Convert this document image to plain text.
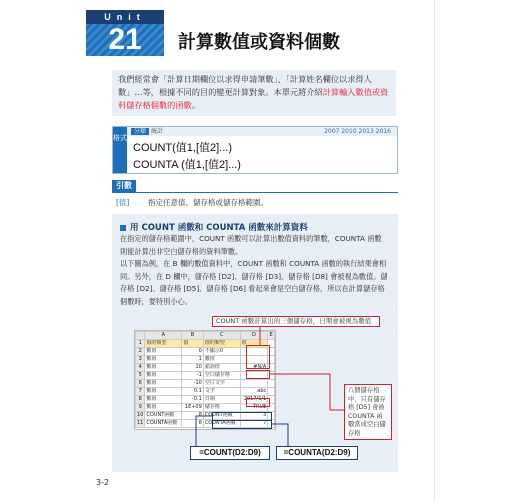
Unit
21	計算數值或資料個數
我們經常會「計算日期欄位以求得申請筆數」、「計算姓名欄位以求得人數」…等，根據不同的目的變更計算對象。本單元將介紹計算輸入數值或資料儲存格個數的函數。
格式
分類 統計	2007 2010 2013 2016
COUNT(值1,[值2]...)
COUNTA (值1,[值2]...)
引數
[值] 指定任意值、儲存格或儲存格範圍。
用 COUNT 函數和 COUNTA 函數來計算資料

在指定的儲存格範圍中，COUNT 函數可以計算出數值資料的筆數，COUNTA 函數則能計算出非空白儲存格的資料筆數。

以下圖為例，在 B 欄的數值資料中，COUNT 函數和 COUNTA 函數的執行結果會相同。另外，在 D 欄中，儲存格 [D2]、儲存格 [D3]、儲存格 [D8] 會被視為數值。儲存格 [D2]、儲存格 [D5]、儲存格 [D6] 看起來會是空白儲存格，所以在計算儲存格個數時，要特別小心。

	A	B	C	D	E
1	值的類型	值	值的類型	值	
2	數值	0	不顯示0		
3	數值	1	數值		
4	數值	10	錯誤值	#N/A	
5	數值	-1	空白儲存格		
6	數值	-10	空白文字		
7	數值	0.1	文字	abc	
8	數值	-0.1	日期	2017/1/1	
9	數值	1E+09	儲存格	TRUE	
10	COUNT函數	8	COUNT函數	3	
11	COUNTA函數	8	COUNTA函數	7	
COUNT 函數計算出的三個儲存格，日期會被視為數值
八個儲存格中，只有儲存格 [D5] 會被 COUNTA 函數當成空白儲存格
=COUNT(D2:D9)	=COUNTA(D2:D9)
3-2
